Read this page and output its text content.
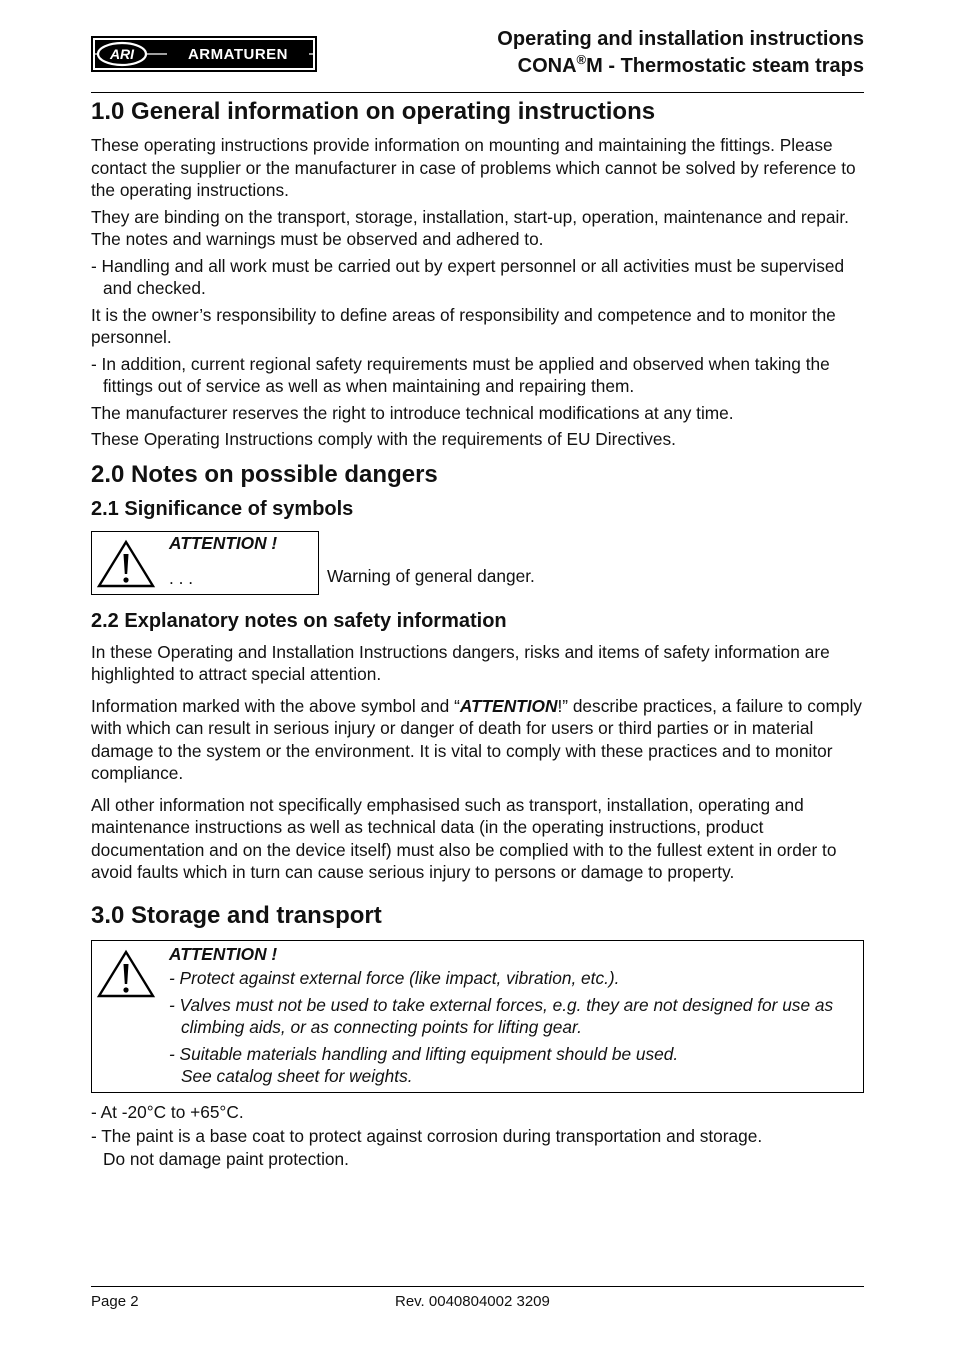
ARI	ARMATUREN
Operating and installation instructions
CONA®M - Thermostatic steam traps
1.0 General information on operating instructions

These operating instructions provide information on mounting and maintaining the fittings. Please contact the supplier or the manufacturer in case of problems which cannot be solved by reference to the operating instructions.

They are binding on the transport, storage, installation, start-up, operation, maintenance and repair.

The notes and warnings must be observed and adhered to.

- Handling and all work must be carried out by expert personnel or all activities must be supervised and checked.

It is the owner’s responsibility to define areas of responsibility and competence and to monitor the personnel.

- In addition, current regional safety requirements must be applied and observed when taking the fittings out of service as well as when maintaining and repairing them.

The manufacturer reserves the right to introduce technical modifications at any time.

These Operating Instructions comply with the requirements of EU Directives.

2.0 Notes on possible dangers
2.1 Significance of symbols
ATTENTION !
. . .	Warning of general danger.
2.2 Explanatory notes on safety information

In these Operating and Installation Instructions dangers, risks and items of safety information are highlighted to attract special attention.

Information marked with the above symbol and “ATTENTION!” describe practices, a failure to comply with which can result in serious injury or danger of death for users or third parties or in material damage to the system or the environment. It is vital to comply with these practices and to monitor compliance.

All other information not specifically emphasised such as transport, installation, operating and maintenance instructions as well as technical data (in the operating instructions, product documentation and on the device itself) must also be complied with to the fullest extent in order to avoid faults which in turn can cause serious injury to persons or damage to property.

3.0 Storage and transport
ATTENTION !

- Protect against external force (like impact, vibration, etc.).

- Valves must not be used to take external forces, e.g. they are not designed for use as climbing aids, or as connecting points for lifting gear.

- Suitable materials handling and lifting equipment should be used.

See catalog sheet for weights.

- At -20°C to +65°C.

- The paint is a base coat to protect against corrosion during transportation and storage.

Do not damage paint protection.

Page 2	Rev. 0040804002 3209
